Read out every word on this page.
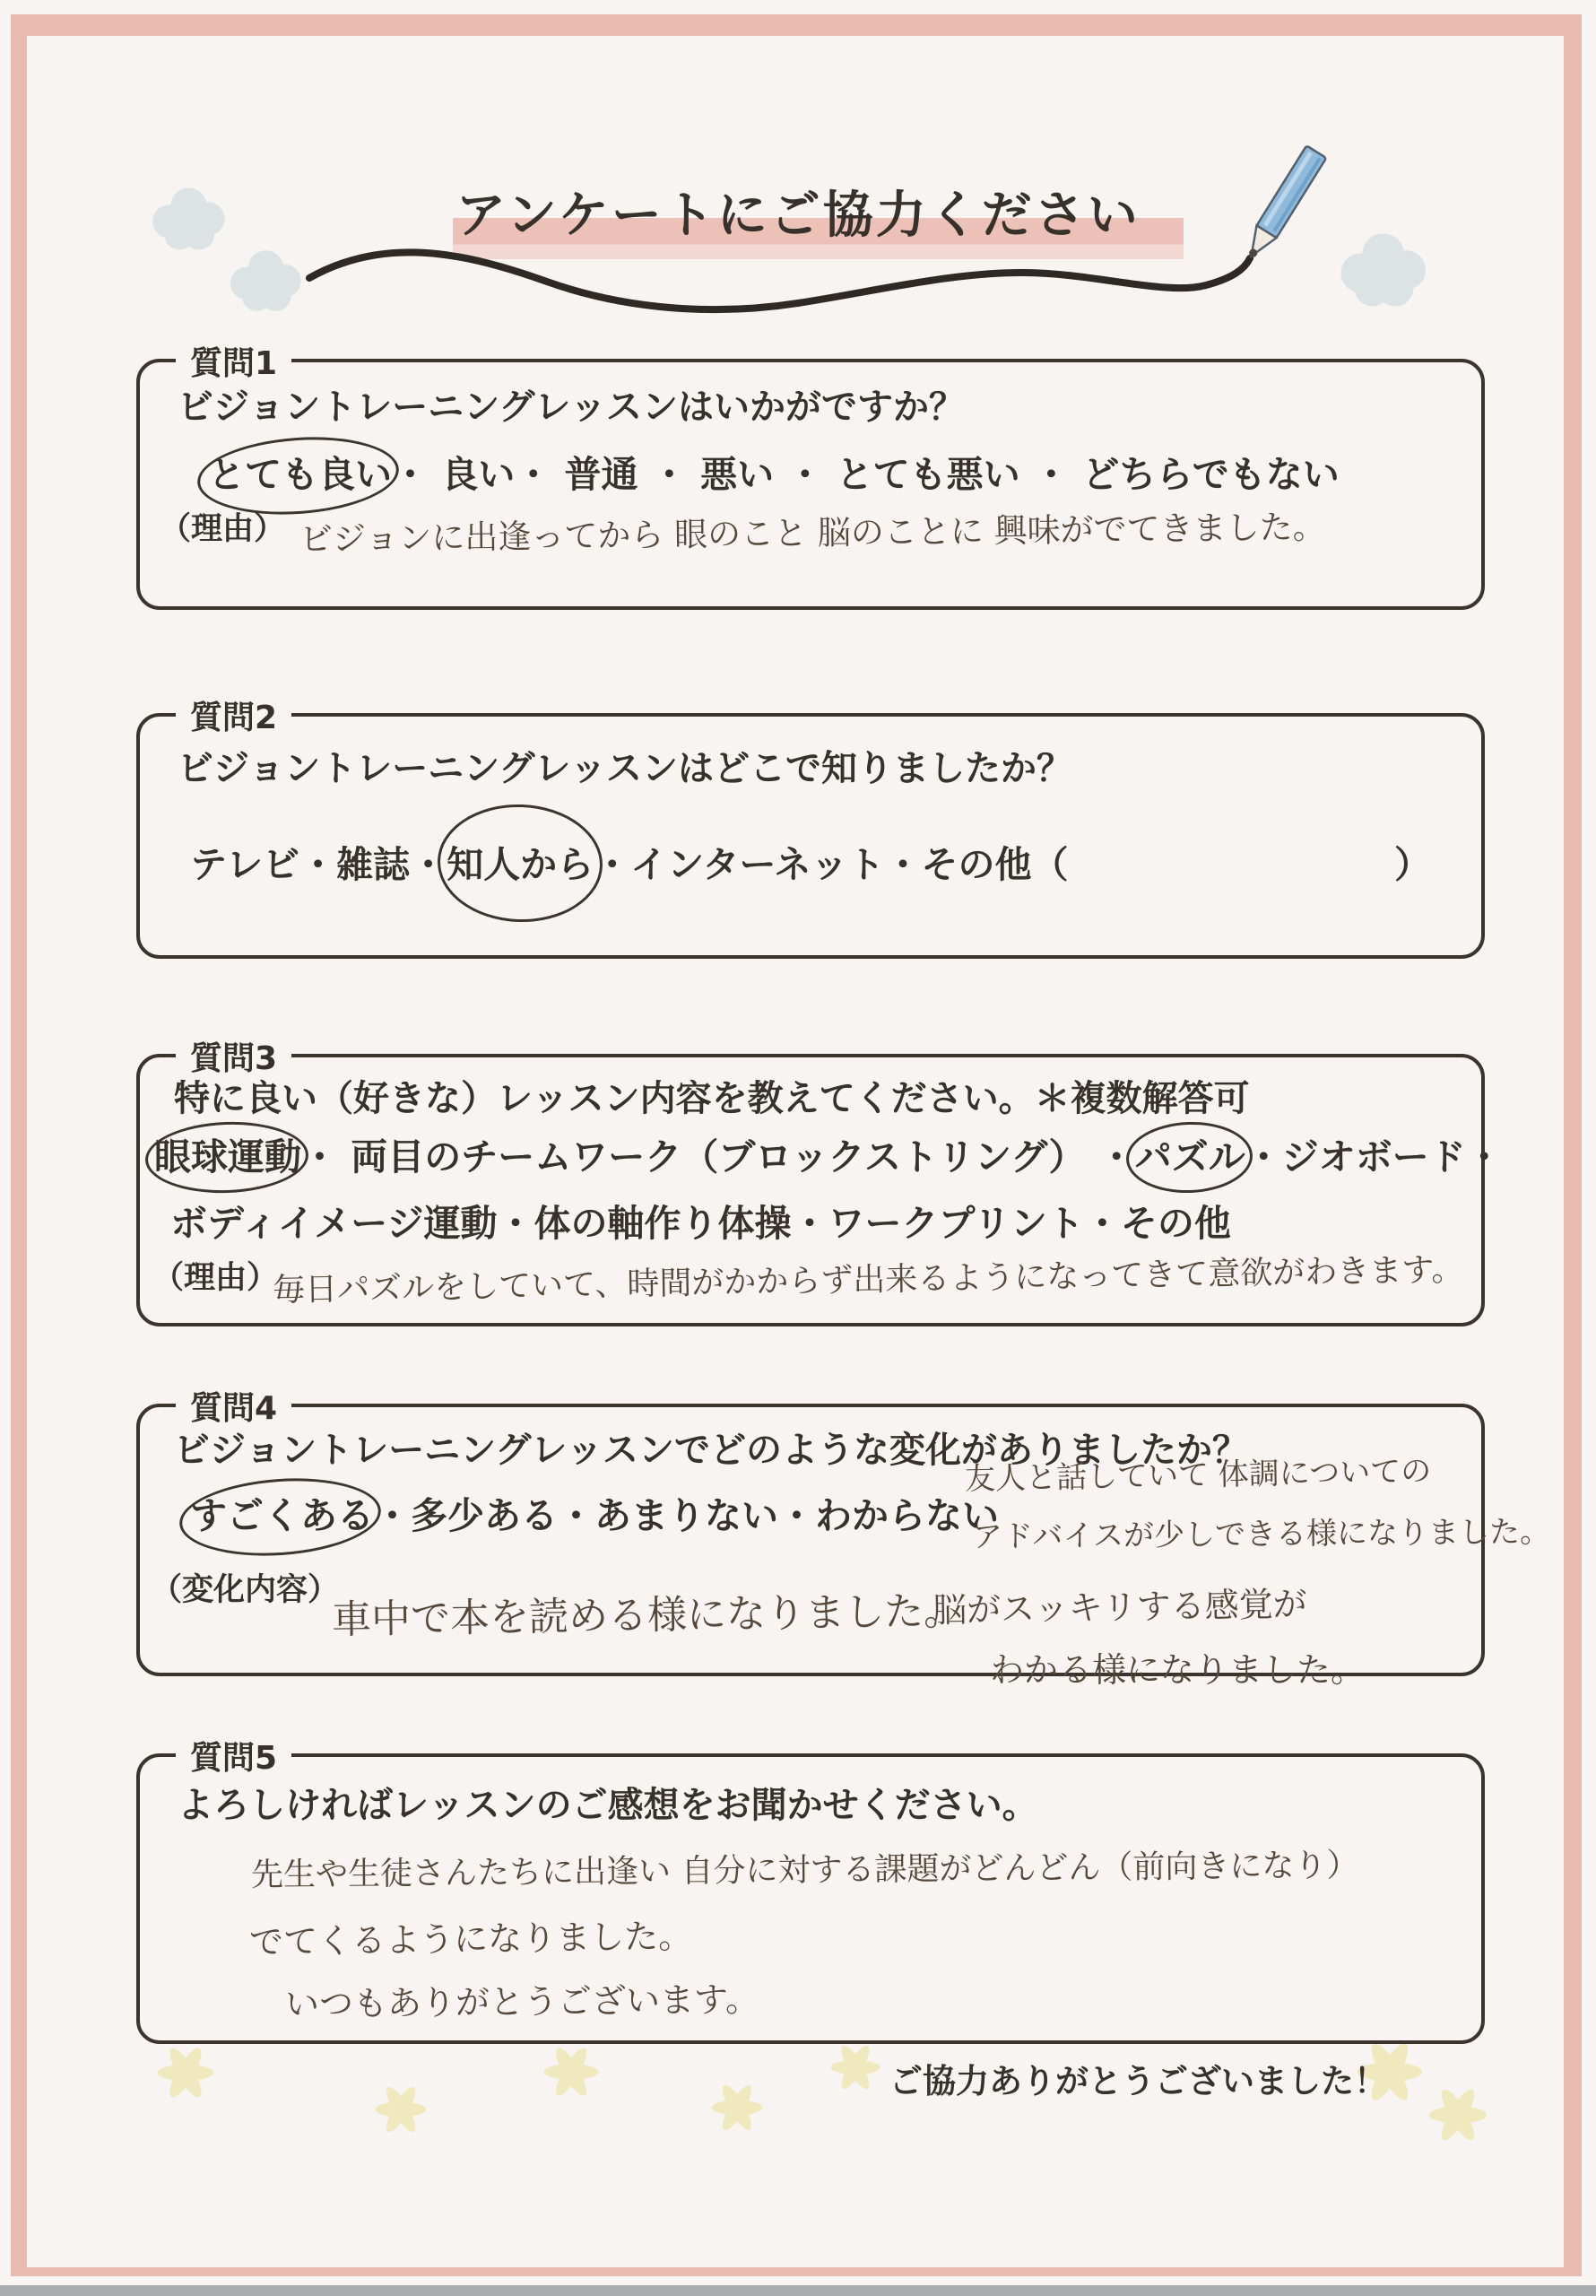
アンケートにご協力ください
質問1
ビジョントレーニングレッスンはいかがですか？
とても良い・ 良い・ 普通 ・ 悪い ・ とても悪い ・ どちらでもない
（理由） ビジョンに出逢ってから 眼のこと 脳のことに 興味がでてきました。
質問2
ビジョントレーニングレッスンはどこで知りましたか？
テレビ・雑誌・知人から・インターネット・その他（	）
質問3
特に良い（好きな）レッスン内容を教えてください。＊複数解答可
眼球運動・ 両目のチームワーク（ブロックストリング） ・パズル・ジオボード・
ボディイメージ運動・体の軸作り体操・ワークプリント・その他
（理由）
毎日パズルをしていて、時間がかからず出来るようになってきて意欲がわきます。
質問4
ビジョントレーニングレッスンでどのような変化がありましたか？
すごくある・多少ある・あまりない・わからない
友人と話していて 体調についての
アドバイスが少しできる様になりました。
（変化内容）
車中で本を読める様になりました。
脳がスッキリする感覚が
わかる様になりました。
質問5
よろしければレッスンのご感想をお聞かせください。
先生や生徒さんたちに出逢い 自分に対する課題がどんどん（前向きになり）
でてくるようになりました。
いつもありがとうございます。
ご協力ありがとうございました！
